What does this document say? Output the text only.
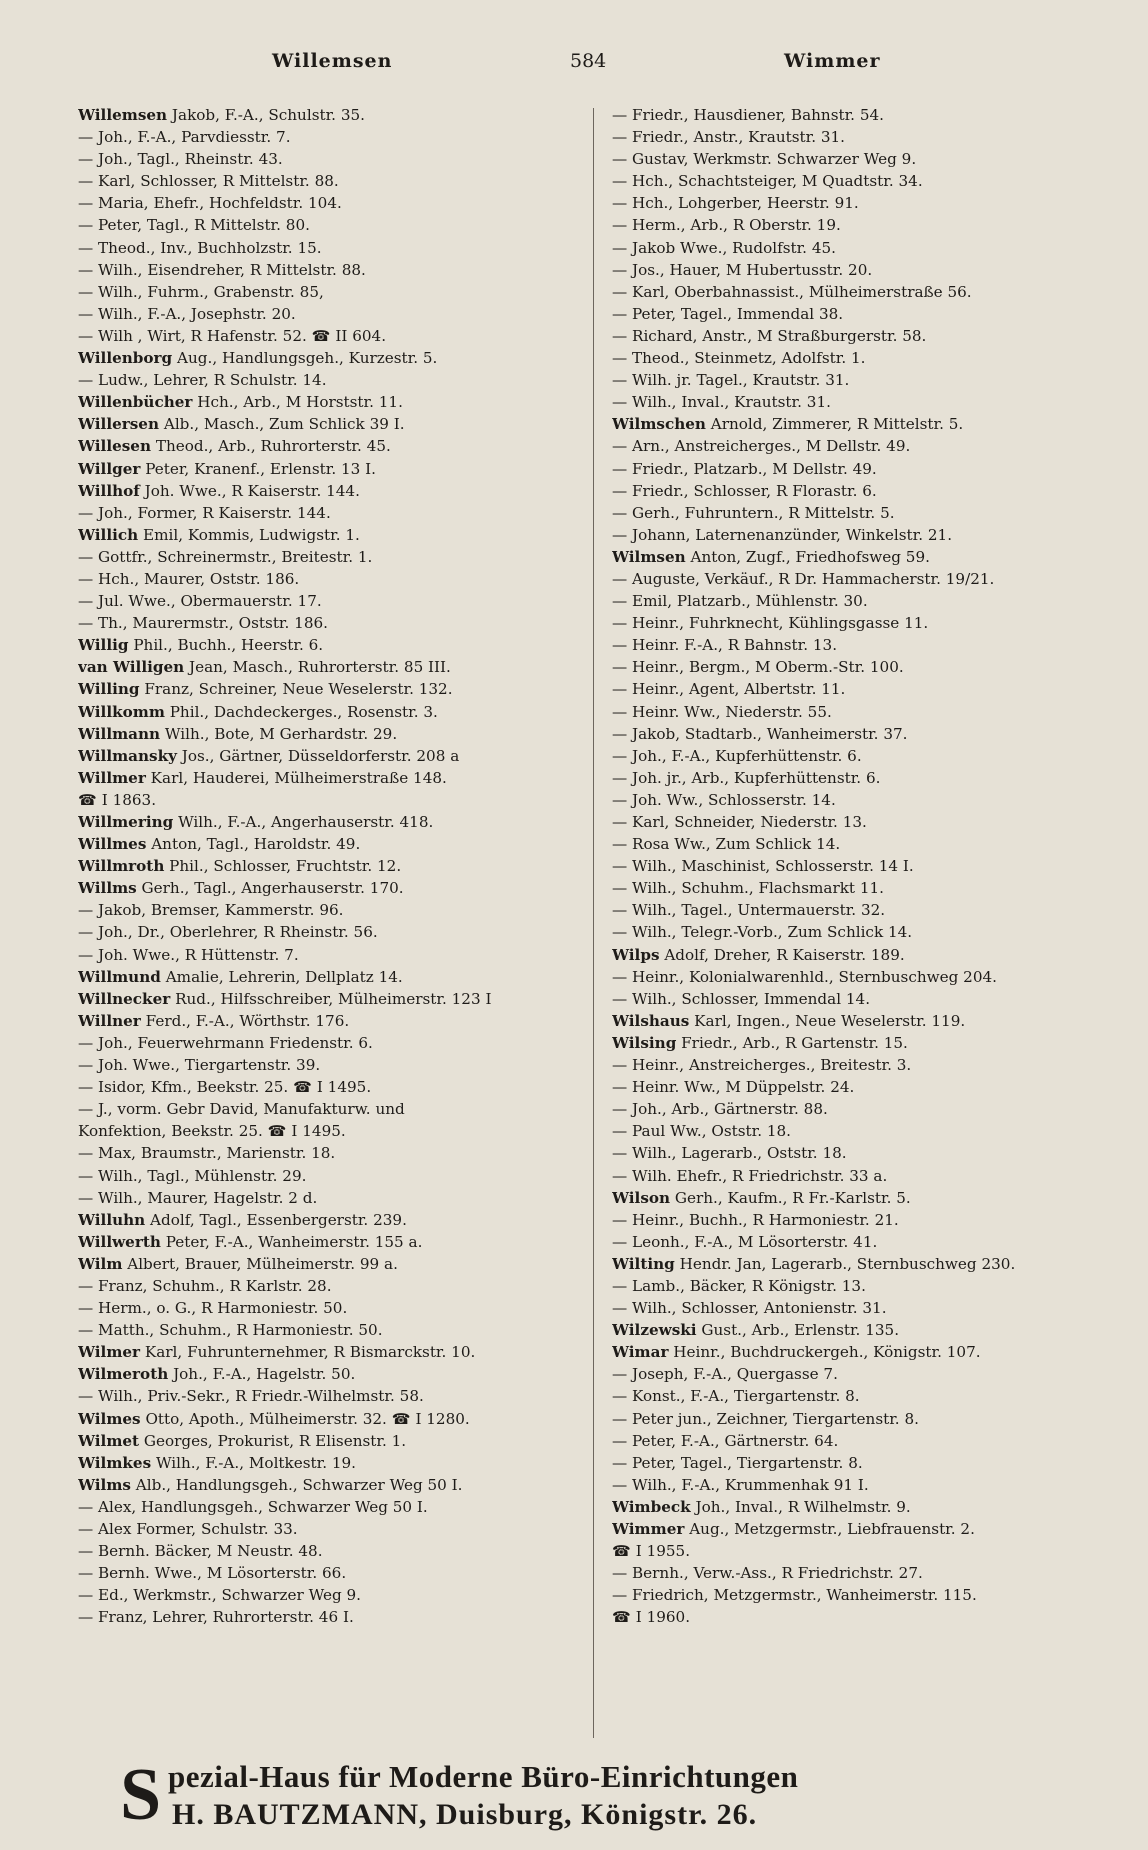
Willemsen	584	Wimmer
Willemsen Jakob, F.-A., Schulstr. 35.
— Joh., F.-A., Parvdiesstr. 7.
— Joh., Tagl., Rheinstr. 43.
— Karl, Schlosser, R Mittelstr. 88.
— Maria, Ehefr., Hochfeldstr. 104.
— Peter, Tagl., R Mittelstr. 80.
— Theod., Inv., Buchholzstr. 15.
— Wilh., Eisendreher, R Mittelstr. 88.
— Wilh., Fuhrm., Grabenstr. 85,
— Wilh., F.-A., Josephstr. 20.
— Wilh , Wirt, R Hafenstr. 52. ☎ II 604.
Willenborg Aug., Handlungsgeh., Kurzestr. 5.
— Ludw., Lehrer, R Schulstr. 14.
Willenbücher Hch., Arb., M Horststr. 11.
Willersen Alb., Masch., Zum Schlick 39 I.
Willesen Theod., Arb., Ruhrorterstr. 45.
Willger Peter, Kranenf., Erlenstr. 13 I.
Willhof Joh. Wwe., R Kaiserstr. 144.
— Joh., Former, R Kaiserstr. 144.
Willich Emil, Kommis, Ludwigstr. 1.
— Gottfr., Schreinermstr., Breitestr. 1.
— Hch., Maurer, Oststr. 186.
— Jul. Wwe., Obermauerstr. 17.
— Th., Maurermstr., Oststr. 186.
Willig Phil., Buchh., Heerstr. 6.
van Willigen Jean, Masch., Ruhrorterstr. 85 III.
Willing Franz, Schreiner, Neue Weselerstr. 132.
Willkomm Phil., Dachdeckerges., Rosenstr. 3.
Willmann Wilh., Bote, M Gerhardstr. 29.
Willmansky Jos., Gärtner, Düsseldorferstr. 208 a
Willmer Karl, Hauderei, Mülheimerstraße 148.
☎ I 1863.
Willmering Wilh., F.-A., Angerhauserstr. 418.
Willmes Anton, Tagl., Haroldstr. 49.
Willmroth Phil., Schlosser, Fruchtstr. 12.
Willms Gerh., Tagl., Angerhauserstr. 170.
— Jakob, Bremser, Kammerstr. 96.
— Joh., Dr., Oberlehrer, R Rheinstr. 56.
— Joh. Wwe., R Hüttenstr. 7.
Willmund Amalie, Lehrerin, Dellplatz 14.
Willnecker Rud., Hilfsschreiber, Mülheimerstr. 123 I
Willner Ferd., F.-A., Wörthstr. 176.
— Joh., Feuerwehrmann Friedenstr. 6.
— Joh. Wwe., Tiergartenstr. 39.
— Isidor, Kfm., Beekstr. 25. ☎ I 1495.
— J., vorm. Gebr David, Manufakturw. und
Konfektion, Beekstr. 25. ☎ I 1495.
— Max, Braumstr., Marienstr. 18.
— Wilh., Tagl., Mühlenstr. 29.
— Wilh., Maurer, Hagelstr. 2 d.
Willuhn Adolf, Tagl., Essenbergerstr. 239.
Willwerth Peter, F.-A., Wanheimerstr. 155 a.
Wilm Albert, Brauer, Mülheimerstr. 99 a.
— Franz, Schuhm., R Karlstr. 28.
— Herm., o. G., R Harmoniestr. 50.
— Matth., Schuhm., R Harmoniestr. 50.
Wilmer Karl, Fuhrunternehmer, R Bismarckstr. 10.
Wilmeroth Joh., F.-A., Hagelstr. 50.
— Wilh., Priv.-Sekr., R Friedr.-Wilhelmstr. 58.
Wilmes Otto, Apoth., Mülheimerstr. 32. ☎ I 1280.
Wilmet Georges, Prokurist, R Elisenstr. 1.
Wilmkes Wilh., F.-A., Moltkestr. 19.
Wilms Alb., Handlungsgeh., Schwarzer Weg 50 I.
— Alex, Handlungsgeh., Schwarzer Weg 50 I.
— Alex Former, Schulstr. 33.
— Bernh. Bäcker, M Neustr. 48.
— Bernh. Wwe., M Lösorterstr. 66.
— Ed., Werkmstr., Schwarzer Weg 9.
— Franz, Lehrer, Ruhrorterstr. 46 I.
— Friedr., Hausdiener, Bahnstr. 54.
— Friedr., Anstr., Krautstr. 31.
— Gustav, Werkmstr. Schwarzer Weg 9.
— Hch., Schachtsteiger, M Quadtstr. 34.
— Hch., Lohgerber, Heerstr. 91.
— Herm., Arb., R Oberstr. 19.
— Jakob Wwe., Rudolfstr. 45.
— Jos., Hauer, M Hubertusstr. 20.
— Karl, Oberbahnassist., Mülheimerstraße 56.
— Peter, Tagel., Immendal 38.
— Richard, Anstr., M Straßburgerstr. 58.
— Theod., Steinmetz, Adolfstr. 1.
— Wilh. jr. Tagel., Krautstr. 31.
— Wilh., Inval., Krautstr. 31.
Wilmschen Arnold, Zimmerer, R Mittelstr. 5.
— Arn., Anstreicherges., M Dellstr. 49.
— Friedr., Platzarb., M Dellstr. 49.
— Friedr., Schlosser, R Florastr. 6.
— Gerh., Fuhruntern., R Mittelstr. 5.
— Johann, Laternenanzünder, Winkelstr. 21.
Wilmsen Anton, Zugf., Friedhofsweg 59.
— Auguste, Verkäuf., R Dr. Hammacherstr. 19/21.
— Emil, Platzarb., Mühlenstr. 30.
— Heinr., Fuhrknecht, Kühlingsgasse 11.
— Heinr. F.-A., R Bahnstr. 13.
— Heinr., Bergm., M Oberm.-Str. 100.
— Heinr., Agent, Albertstr. 11.
— Heinr. Ww., Niederstr. 55.
— Jakob, Stadtarb., Wanheimerstr. 37.
— Joh., F.-A., Kupferhüttenstr. 6.
— Joh. jr., Arb., Kupferhüttenstr. 6.
— Joh. Ww., Schlosserstr. 14.
— Karl, Schneider, Niederstr. 13.
— Rosa Ww., Zum Schlick 14.
— Wilh., Maschinist, Schlosserstr. 14 I.
— Wilh., Schuhm., Flachsmarkt 11.
— Wilh., Tagel., Untermauerstr. 32.
— Wilh., Telegr.-Vorb., Zum Schlick 14.
Wilps Adolf, Dreher, R Kaiserstr. 189.
— Heinr., Kolonialwarenhld., Sternbuschweg 204.
— Wilh., Schlosser, Immendal 14.
Wilshaus Karl, Ingen., Neue Weselerstr. 119.
Wilsing Friedr., Arb., R Gartenstr. 15.
— Heinr., Anstreicherges., Breitestr. 3.
— Heinr. Ww., M Düppelstr. 24.
— Joh., Arb., Gärtnerstr. 88.
— Paul Ww., Oststr. 18.
— Wilh., Lagerarb., Oststr. 18.
— Wilh. Ehefr., R Friedrichstr. 33 a.
Wilson Gerh., Kaufm., R Fr.-Karlstr. 5.
— Heinr., Buchh., R Harmoniestr. 21.
— Leonh., F.-A., M Lösorterstr. 41.
Wilting Hendr. Jan, Lagerarb., Sternbuschweg 230.
— Lamb., Bäcker, R Königstr. 13.
— Wilh., Schlosser, Antonienstr. 31.
Wilzewski Gust., Arb., Erlenstr. 135.
Wimar Heinr., Buchdruckergeh., Königstr. 107.
— Joseph, F.-A., Quergasse 7.
— Konst., F.-A., Tiergartenstr. 8.
— Peter jun., Zeichner, Tiergartenstr. 8.
— Peter, F.-A., Gärtnerstr. 64.
— Peter, Tagel., Tiergartenstr. 8.
— Wilh., F.-A., Krummenhak 91 I.
Wimbeck Joh., Inval., R Wilhelmstr. 9.
Wimmer Aug., Metzgermstr., Liebfrauenstr. 2.
☎ I 1955.
— Bernh., Verw.-Ass., R Friedrichstr. 27.
— Friedrich, Metzgermstr., Wanheimerstr. 115.
☎ I 1960.
S pezial-Haus für Moderne Büro-Einrichtungen
H. BAUTZMANN, Duisburg, Königstr. 26.
